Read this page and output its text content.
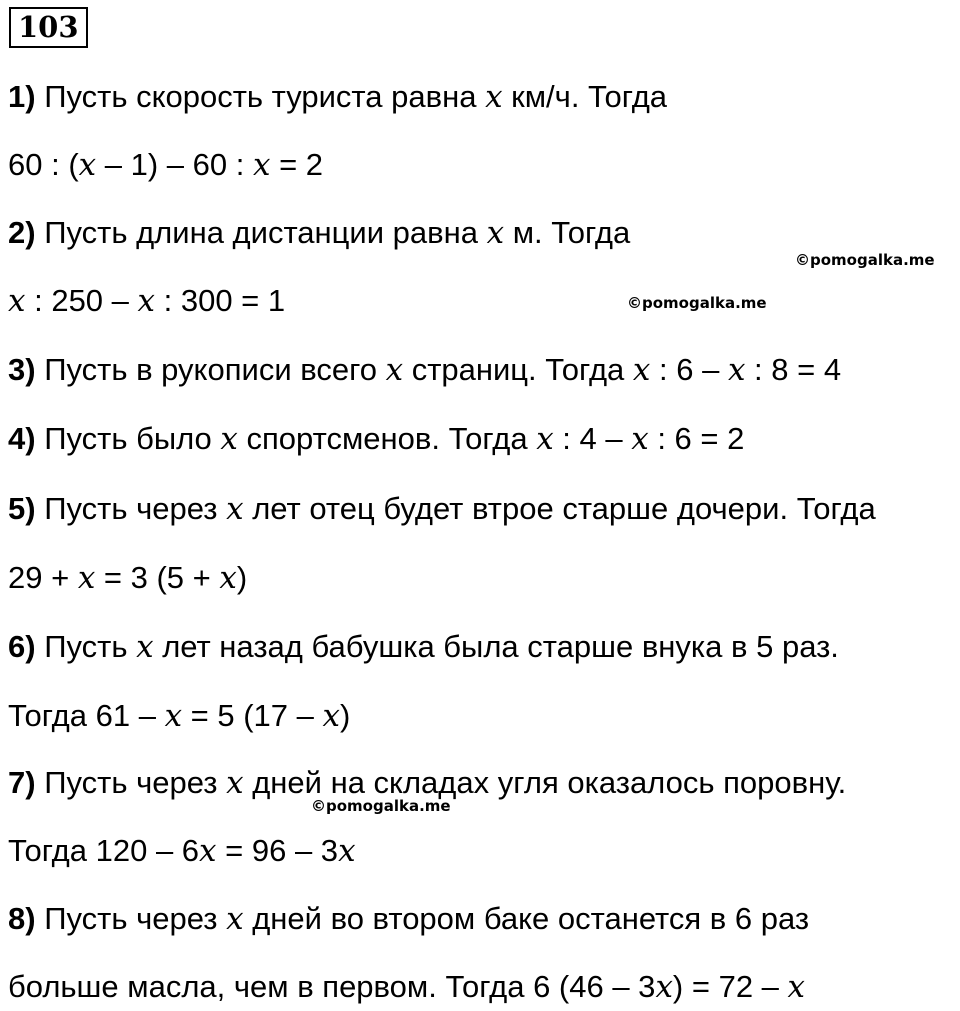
103
1) Пусть скорость туриста равна x км/ч. Тогда
60 : (x – 1) – 60 : x = 2
2) Пусть длина дистанции равна x м. Тогда
x : 250 – x : 300 = 1
3) Пусть в рукописи всего x страниц. Тогда x : 6 – x : 8 = 4
4) Пусть было x спортсменов. Тогда x : 4 – x : 6 = 2
5) Пусть через x лет отец будет втрое старше дочери. Тогда
29 + x = 3 (5 + x)
6) Пусть x лет назад бабушка была старше внука в 5 раз.
Тогда 61 – x = 5 (17 – x)
7) Пусть через x дней на складах угля оказалось поровну.
Тогда 120 – 6x = 96 – 3x
8) Пусть через x дней во втором баке останется в 6 раз
больше масла, чем в первом. Тогда 6 (46 – 3x) = 72 – x
©pomogalka.me
©pomogalka.me
©pomogalka.me
